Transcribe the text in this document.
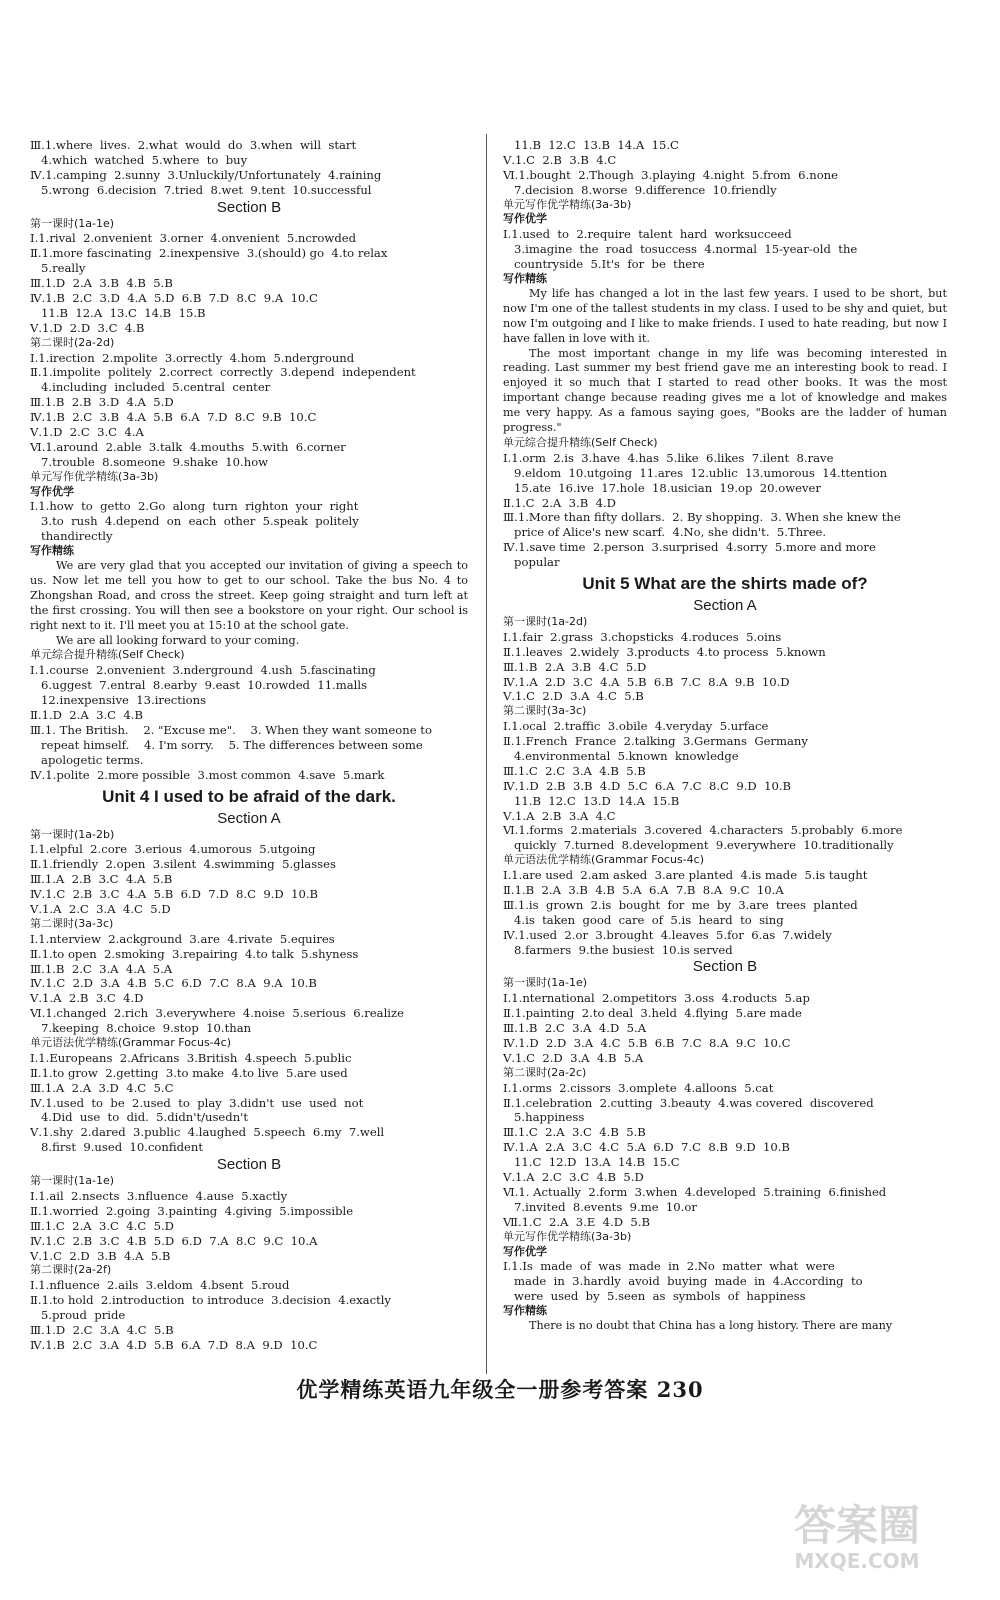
Ⅲ.1.where  lives.  2.what  would  do  3.when  will  start
4.which  watched  5.where  to  buy
Ⅳ.1.camping  2.sunny  3.Unluckily/Unfortunately  4.raining
5.wrong  6.decision  7.tried  8.wet  9.tent  10.successful
Section B
第一课时(1a-1e)
Ⅰ.1.rival  2.onvenient  3.orner  4.onvenient  5.ncrowded
Ⅱ.1.more fascinating  2.inexpensive  3.(should) go  4.to relax
5.really
Ⅲ.1.D  2.A  3.B  4.B  5.B
Ⅳ.1.B  2.C  3.D  4.A  5.D  6.B  7.D  8.C  9.A  10.C
11.B  12.A  13.C  14.B  15.B
Ⅴ.1.D  2.D  3.C  4.B
第二课时(2a-2d)
Ⅰ.1.irection  2.mpolite  3.orrectly  4.hom  5.nderground
Ⅱ.1.impolite  politely  2.correct  correctly  3.depend  independent
4.including  included  5.central  center
Ⅲ.1.B  2.B  3.D  4.A  5.D
Ⅳ.1.B  2.C  3.B  4.A  5.B  6.A  7.D  8.C  9.B  10.C
Ⅴ.1.D  2.C  3.C  4.A
Ⅵ.1.around  2.able  3.talk  4.mouths  5.with  6.corner
7.trouble  8.someone  9.shake  10.how
单元写作优学精练(3a-3b)
写作优学
Ⅰ.1.how  to  getto  2.Go  along  turn  righton  your  right
3.to  rush  4.depend  on  each  other  5.speak  politely
thandirectly
写作精练
We are very glad that you accepted our invitation of giving a speech to us. Now let me tell you how to get to our school. Take the bus No. 4 to Zhongshan Road, and cross the street. Keep going straight and turn left at the first crossing. You will then see a bookstore on your right. Our school is right next to it. I'll meet you at 15:10 at the school gate.
We are all looking forward to your coming.
单元综合提升精练(Self Check)
Ⅰ.1.course  2.onvenient  3.nderground  4.ush  5.fascinating
6.uggest  7.entral  8.earby  9.east  10.rowded  11.malls
12.inexpensive  13.irections
Ⅱ.1.D  2.A  3.C  4.B
Ⅲ.1. The British.    2. "Excuse me".    3. When they want someone to
repeat himself.    4. I'm sorry.    5. The differences between some
apologetic terms.
Ⅳ.1.polite  2.more possible  3.most common  4.save  5.mark
Unit 4 I used to be afraid of the dark.
Section A
第一课时(1a-2b)
Ⅰ.1.elpful  2.core  3.erious  4.umorous  5.utgoing
Ⅱ.1.friendly  2.open  3.silent  4.swimming  5.glasses
Ⅲ.1.A  2.B  3.C  4.A  5.B
Ⅳ.1.C  2.B  3.C  4.A  5.B  6.D  7.D  8.C  9.D  10.B
Ⅴ.1.A  2.C  3.A  4.C  5.D
第二课时(3a-3c)
Ⅰ.1.nterview  2.ackground  3.are  4.rivate  5.equires
Ⅱ.1.to open  2.smoking  3.repairing  4.to talk  5.shyness
Ⅲ.1.B  2.C  3.A  4.A  5.A
Ⅳ.1.C  2.D  3.A  4.B  5.C  6.D  7.C  8.A  9.A  10.B
Ⅴ.1.A  2.B  3.C  4.D
Ⅵ.1.changed  2.rich  3.everywhere  4.noise  5.serious  6.realize
7.keeping  8.choice  9.stop  10.than
单元语法优学精练(Grammar Focus-4c)
Ⅰ.1.Europeans  2.Africans  3.British  4.speech  5.public
Ⅱ.1.to grow  2.getting  3.to make  4.to live  5.are used
Ⅲ.1.A  2.A  3.D  4.C  5.C
Ⅳ.1.used  to  be  2.used  to  play  3.didn't  use  used  not
4.Did  use  to  did.  5.didn't/usedn't
Ⅴ.1.shy  2.dared  3.public  4.laughed  5.speech  6.my  7.well
8.first  9.used  10.confident
Section B
第一课时(1a-1e)
Ⅰ.1.ail  2.nsects  3.nfluence  4.ause  5.xactly
Ⅱ.1.worried  2.going  3.painting  4.giving  5.impossible
Ⅲ.1.C  2.A  3.C  4.C  5.D
Ⅳ.1.C  2.B  3.C  4.B  5.D  6.D  7.A  8.C  9.C  10.A
Ⅴ.1.C  2.D  3.B  4.A  5.B
第二课时(2a-2f)
Ⅰ.1.nfluence  2.ails  3.eldom  4.bsent  5.roud
Ⅱ.1.to hold  2.introduction  to introduce  3.decision  4.exactly
5.proud  pride
Ⅲ.1.D  2.C  3.A  4.C  5.B
Ⅳ.1.B  2.C  3.A  4.D  5.B  6.A  7.D  8.A  9.D  10.C
11.B  12.C  13.B  14.A  15.C
Ⅴ.1.C  2.B  3.B  4.C
Ⅵ.1.bought  2.Though  3.playing  4.night  5.from  6.none
7.decision  8.worse  9.difference  10.friendly
单元写作优学精练(3a-3b)
写作优学
Ⅰ.1.used  to  2.require  talent  hard  worksucceed
3.imagine  the  road  tosuccess  4.normal  15-year-old  the
countryside  5.It's  for  be  there
写作精练
My life has changed a lot in the last few years. I used to be short, but now I'm one of the tallest students in my class. I used to be shy and quiet, but now I'm outgoing and I like to make friends. I used to hate reading, but now I have fallen in love with it.
The most important change in my life was becoming interested in reading. Last summer my best friend gave me an interesting book to read. I enjoyed it so much that I started to read other books. It was the most important change because reading gives me a lot of knowledge and makes me very happy. As a famous saying goes, "Books are the ladder of human progress."
单元综合提升精练(Self Check)
Ⅰ.1.orm  2.is  3.have  4.has  5.like  6.likes  7.ilent  8.rave
9.eldom  10.utgoing  11.ares  12.ublic  13.umorous  14.ttention
15.ate  16.ive  17.hole  18.usician  19.op  20.owever
Ⅱ.1.C  2.A  3.B  4.D
Ⅲ.1.More than fifty dollars.  2. By shopping.  3. When she knew the
price of Alice's new scarf.  4.No, she didn't.  5.Three.
Ⅳ.1.save time  2.person  3.surprised  4.sorry  5.more and more
popular
Unit 5 What are the shirts made of?
Section A
第一课时(1a-2d)
Ⅰ.1.fair  2.grass  3.chopsticks  4.roduces  5.oins
Ⅱ.1.leaves  2.widely  3.products  4.to process  5.known
Ⅲ.1.B  2.A  3.B  4.C  5.D
Ⅳ.1.A  2.D  3.C  4.A  5.B  6.B  7.C  8.A  9.B  10.D
Ⅴ.1.C  2.D  3.A  4.C  5.B
第二课时(3a-3c)
Ⅰ.1.ocal  2.traffic  3.obile  4.veryday  5.urface
Ⅱ.1.French  France  2.talking  3.Germans  Germany
4.environmental  5.known  knowledge
Ⅲ.1.C  2.C  3.A  4.B  5.B
Ⅳ.1.D  2.B  3.B  4.D  5.C  6.A  7.C  8.C  9.D  10.B
11.B  12.C  13.D  14.A  15.B
Ⅴ.1.A  2.B  3.A  4.C
Ⅵ.1.forms  2.materials  3.covered  4.characters  5.probably  6.more
quickly  7.turned  8.development  9.everywhere  10.traditionally
单元语法优学精练(Grammar Focus-4c)
Ⅰ.1.are used  2.am asked  3.are planted  4.is made  5.is taught
Ⅱ.1.B  2.A  3.B  4.B  5.A  6.A  7.B  8.A  9.C  10.A
Ⅲ.1.is  grown  2.is  bought  for  me  by  3.are  trees  planted
4.is  taken  good  care  of  5.is  heard  to  sing
Ⅳ.1.used  2.or  3.brought  4.leaves  5.for  6.as  7.widely
8.farmers  9.the busiest  10.is served
Section B
第一课时(1a-1e)
Ⅰ.1.nternational  2.ompetitors  3.oss  4.roducts  5.ap
Ⅱ.1.painting  2.to deal  3.held  4.flying  5.are made
Ⅲ.1.B  2.C  3.A  4.D  5.A
Ⅳ.1.D  2.D  3.A  4.C  5.B  6.B  7.C  8.A  9.C  10.C
Ⅴ.1.C  2.D  3.A  4.B  5.A
第二课时(2a-2c)
Ⅰ.1.orms  2.cissors  3.omplete  4.alloons  5.cat
Ⅱ.1.celebration  2.cutting  3.beauty  4.was covered  discovered
5.happiness
Ⅲ.1.C  2.A  3.C  4.B  5.B
Ⅳ.1.A  2.A  3.C  4.C  5.A  6.D  7.C  8.B  9.D  10.B
11.C  12.D  13.A  14.B  15.C
Ⅴ.1.A  2.C  3.C  4.B  5.D
Ⅵ.1. Actually  2.form  3.when  4.developed  5.training  6.finished
7.invited  8.events  9.me  10.or
Ⅶ.1.C  2.A  3.E  4.D  5.B
单元写作优学精练(3a-3b)
写作优学
Ⅰ.1.Is  made  of  was  made  in  2.No  matter  what  were
made  in  3.hardly  avoid  buying  made  in  4.According  to
were  used  by  5.seen  as  symbols  of  happiness
写作精练
There is no doubt that China has a long history. There are many
优学精练英语九年级全一册参考答案 230
答案圈
MXQE.COM
